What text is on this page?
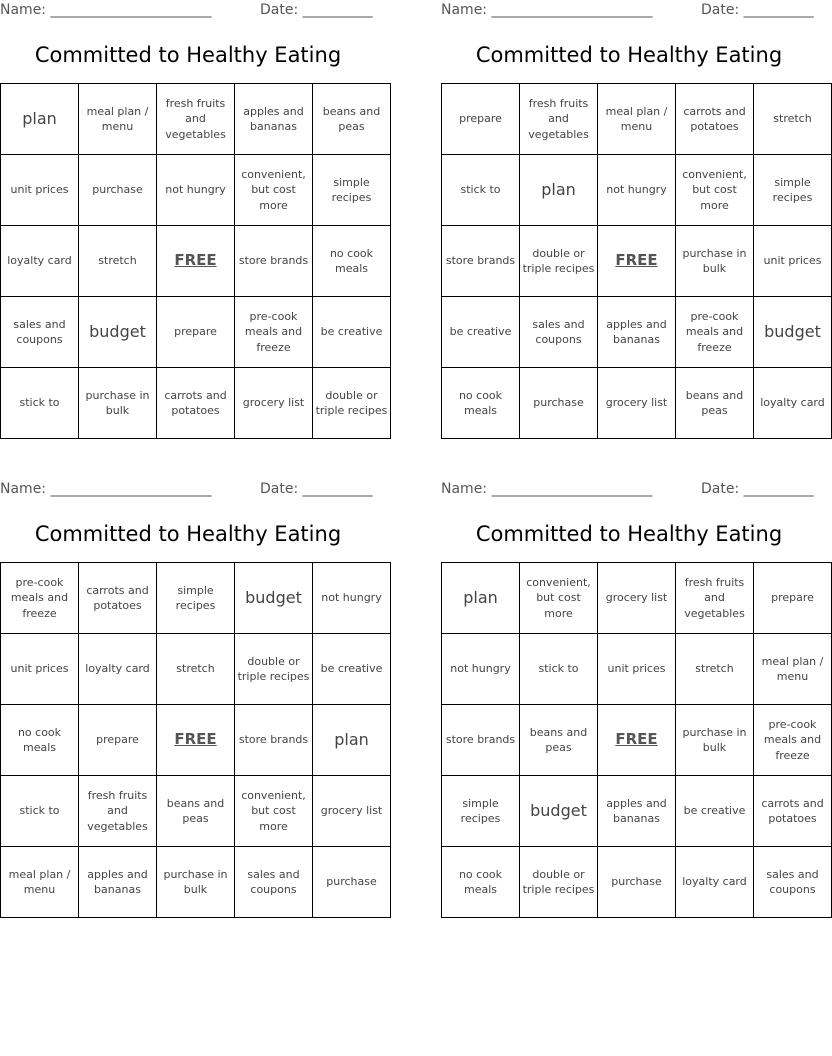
Name: _______________________

	Date: __________

Committed to Healthy Eating
plan	meal plan / menu	fresh fruits and vegetables	apples and bananas	beans and peas
unit prices	purchase	not hungry	convenient, but cost more	simple recipes
loyalty card	stretch	FREE	store brands	no cook meals
sales and coupons	budget	prepare	pre-cook meals and freeze	be creative
stick to	purchase in bulk	carrots and potatoes	grocery list	double or triple recipes

Name: _______________________

	Date: __________

Committed to Healthy Eating
prepare	fresh fruits and vegetables	meal plan / menu	carrots and potatoes	stretch
stick to	plan	not hungry	convenient, but cost more	simple recipes
store brands	double or triple recipes	FREE	purchase in bulk	unit prices
be creative	sales and coupons	apples and bananas	pre-cook meals and freeze	budget
no cook meals	purchase	grocery list	beans and peas	loyalty card

Name: _______________________

	Date: __________

Committed to Healthy Eating
pre-cook meals and freeze	carrots and potatoes	simple recipes	budget	not hungry
unit prices	loyalty card	stretch	double or triple recipes	be creative
no cook meals	prepare	FREE	store brands	plan
stick to	fresh fruits and vegetables	beans and peas	convenient, but cost more	grocery list
meal plan / menu	apples and bananas	purchase in bulk	sales and coupons	purchase

Name: _______________________

	Date: __________

Committed to Healthy Eating
plan	convenient, but cost more	grocery list	fresh fruits and vegetables	prepare
not hungry	stick to	unit prices	stretch	meal plan / menu
store brands	beans and peas	FREE	purchase in bulk	pre-cook meals and freeze
simple recipes	budget	apples and bananas	be creative	carrots and potatoes
no cook meals	double or triple recipes	purchase	loyalty card	sales and coupons
